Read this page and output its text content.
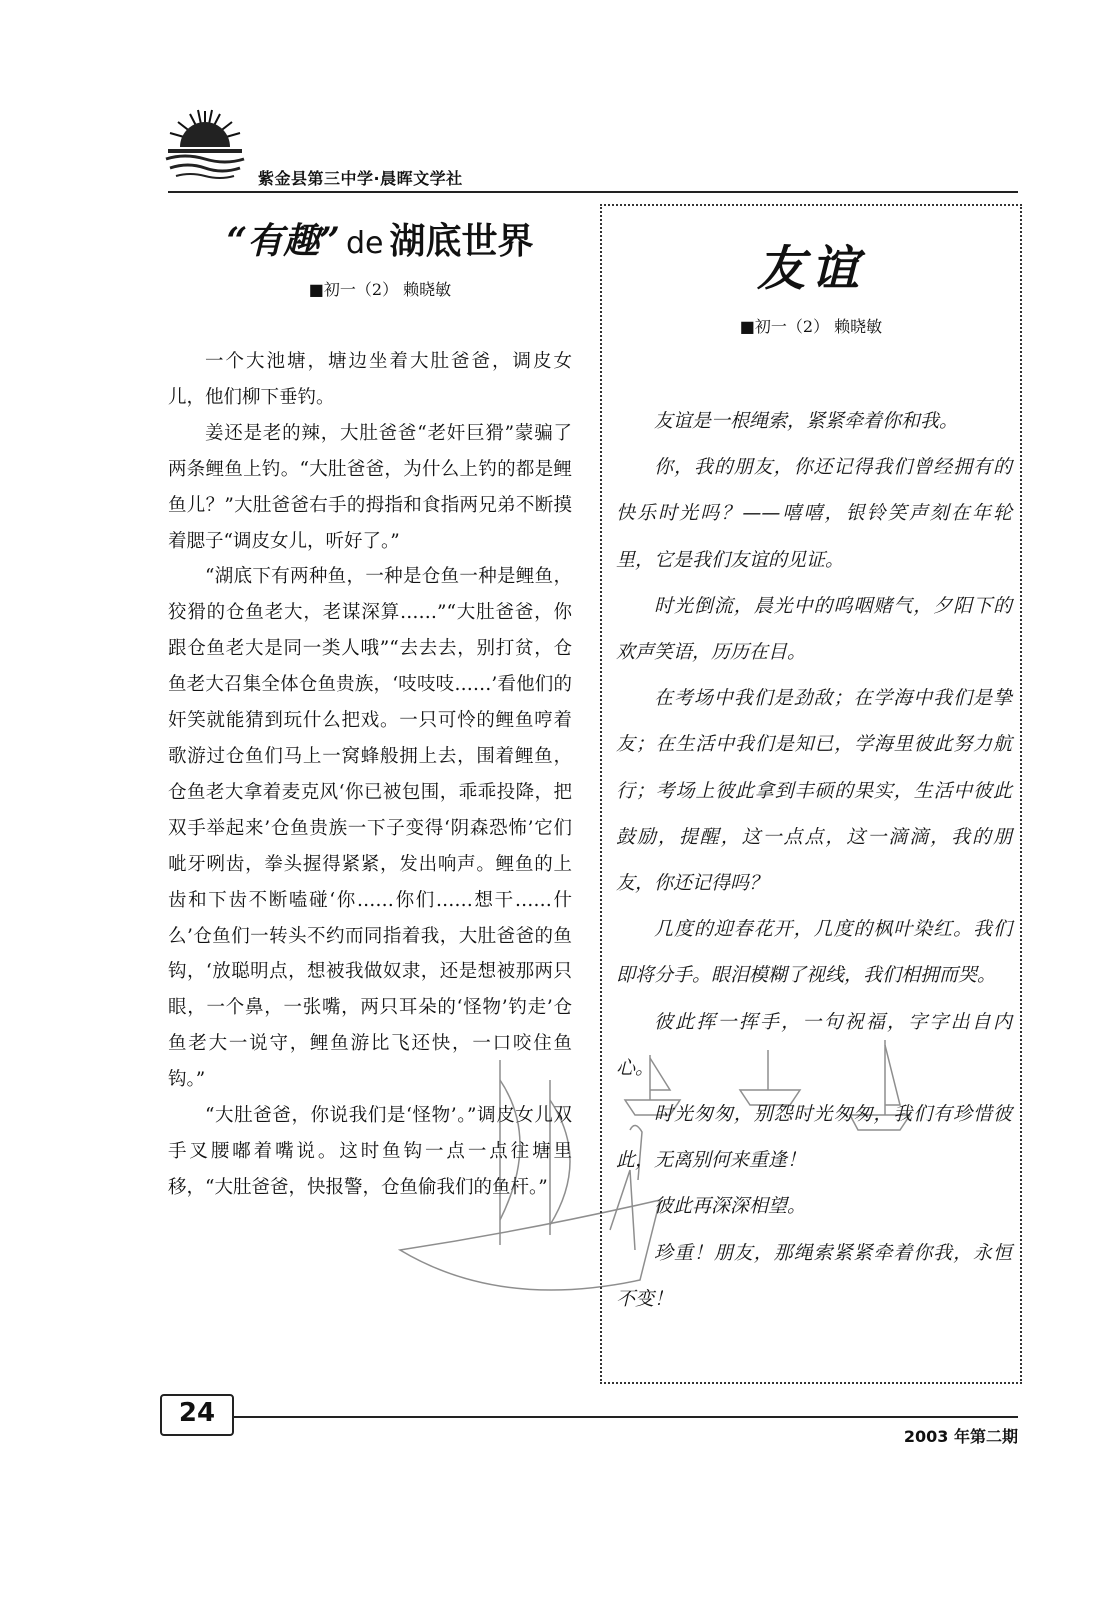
紫金县第三中学·晨晖文学社
“有趣” de 湖底世界
■初一（2） 赖晓敏

一个大池塘，塘边坐着大肚爸爸，调皮女儿，他们柳下垂钓。

姜还是老的辣，大肚爸爸“老奸巨猾”蒙骗了两条鲤鱼上钓。“大肚爸爸，为什么上钓的都是鲤鱼儿？”大肚爸爸右手的拇指和食指两兄弟不断摸着腮子“调皮女儿，听好了。”

“湖底下有两种鱼，一种是仓鱼一种是鲤鱼，狡猾的仓鱼老大，老谋深算……”“大肚爸爸，你跟仓鱼老大是同一类人哦”“去去去，别打贫，仓鱼老大召集全体仓鱼贵族，‘吱吱吱……’看他们的奸笑就能猜到玩什么把戏。一只可怜的鲤鱼哼着歌游过仓鱼们马上一窝蜂般拥上去，围着鲤鱼，仓鱼老大拿着麦克风‘你已被包围，乖乖投降，把双手举起来’仓鱼贵族一下子变得‘阴森恐怖’它们呲牙咧齿，拳头握得紧紧，发出响声。鲤鱼的上齿和下齿不断嗑碰‘你……你们……想干……什么’仓鱼们一转头不约而同指着我，大肚爸爸的鱼钩，‘放聪明点，想被我做奴隶，还是想被那两只眼，一个鼻，一张嘴，两只耳朵的‘怪物’钓走’仓鱼老大一说守，鲤鱼游比飞还快，一口咬住鱼钩。”

“大肚爸爸，你说我们是‘怪物’。”调皮女儿双手叉腰嘟着嘴说。这时鱼钩一点一点往塘里移，“大肚爸爸，快报警，仓鱼偷我们的鱼杆。”

友谊
■初一（2） 赖晓敏

友谊是一根绳索，紧紧牵着你和我。

你，我的朋友，你还记得我们曾经拥有的快乐时光吗？——嘻嘻，银铃笑声刻在年轮里，它是我们友谊的见证。

时光倒流，晨光中的呜咽赌气，夕阳下的欢声笑语，历历在目。

在考场中我们是劲敌；在学海中我们是挚友；在生活中我们是知已，学海里彼此努力航行；考场上彼此拿到丰硕的果实，生活中彼此鼓励，提醒，这一点点，这一滴滴，我的朋友，你还记得吗？

几度的迎春花开，几度的枫叶染红。我们即将分手。眼泪模糊了视线，我们相拥而哭。

彼此挥一挥手，一句祝福，字字出自内心。

时光匆匆，别怨时光匆匆，我们有珍惜彼此，无离别何来重逢！

彼此再深深相望。

珍重！朋友，那绳索紧紧牵着你我，永恒不变！

24
2003 年第二期
